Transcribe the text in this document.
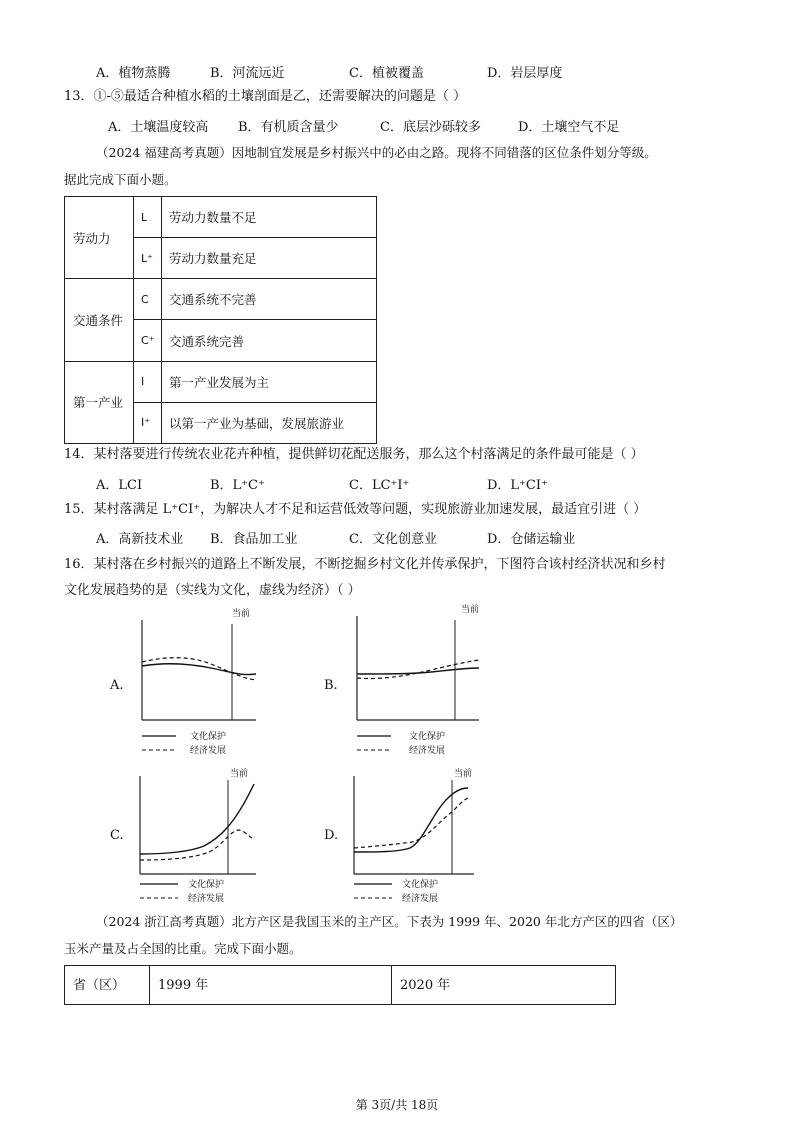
A．植物蒸腾	B．河流远近	C．植被覆盖	D．岩层厚度
13．①-⑤最适合种植水稻的土壤剖面是乙，还需要解决的问题是（ ）
A．土壤温度较高 B．有机质含量少	C．底层沙砾较多	D．土壤空气不足
（2024 福建高考真题）因地制宜发展是乡村振兴中的必由之路。现将不同错落的区位条件划分等级。
据此完成下面小题。
劳动力	L	劳动力数量不足
	L⁺	劳动力数量充足
交通条件	C	交通系统不完善
	C⁺	交通系统完善
第一产业	I	第一产业发展为主
	I⁺	以第一产业为基础，发展旅游业
14．某村落要进行传统农业花卉种植，提供鲜切花配送服务，那么这个村落满足的条件最可能是（ ）
A．LCI	B．L⁺C⁺	C．LC⁺I⁺	D．L⁺CI⁺
15．某村落满足 L⁺CI⁺，为解决人才不足和运营低效等问题，实现旅游业加速发展，最适宜引进（ ）
A．高新技术业 B．食品加工业	C．文化创意业	D．仓储运输业
16．某村落在乡村振兴的道路上不断发展，不断挖掘乡村文化并传承保护，下图符合该村经济状况和乡村
文化发展趋势的是（实线为文化，虚线为经济）（ ）
A.
当前
文化保护
经济发展
B.
当前
文化保护
经济发展
C.
当前
文化保护
经济发展
D.
当前
文化保护
经济发展
（2024 浙江高考真题）北方产区是我国玉米的主产区。下表为 1999 年、2020 年北方产区的四省（区）
玉米产量及占全国的比重。完成下面小题。
省（区）	1999 年	2020 年
第 3页/共 18页
